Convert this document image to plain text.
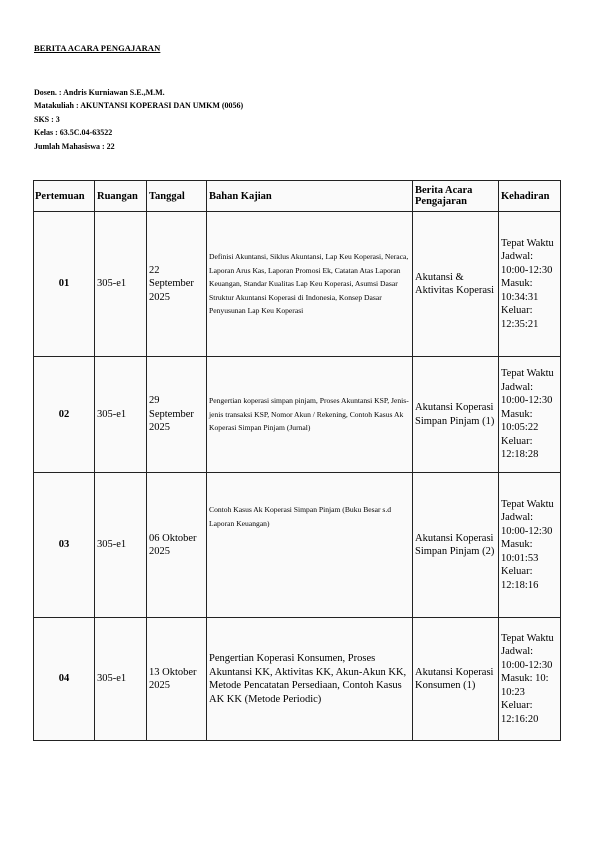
BERITA ACARA PENGAJARAN
Dosen. : Andris Kurniawan S.E.,M.M.
Matakuliah : AKUNTANSI KOPERASI DAN UMKM (0056)
SKS : 3
Kelas : 63.5C.04-63522
Jumlah Mahasiswa : 22
Pertemuan	Ruangan	Tanggal	Bahan Kajian	Berita Acara Pengajaran	Kehadiran
01	305-e1	22 September 2025	Definisi Akuntansi, Siklus Akuntansi, Lap Keu Koperasi, Neraca, Laporan Arus Kas, Laporan Promosi Ek, Catatan Atas Laporan Keuangan, Standar Kualitas Lap Keu Koperasi, Asumsi Dasar Struktur Akuntansi Koperasi di Indonesia, Konsep Dasar Penyusunan Lap Keu Koperasi	Akutansi & Aktivitas Koperasi	Tepat Waktu Jadwal: 10:00-12:30 Masuk: 10:34:31 Keluar: 12:35:21
02	305-e1	29 September 2025	Pengertian koperasi simpan pinjam, Proses Akuntansi KSP, Jenis-jenis transaksi KSP, Nomor Akun / Rekening, Contoh Kasus Ak Koperasi Simpan Pinjam (Jurnal)	Akutansi Koperasi Simpan Pinjam (1)	Tepat Waktu Jadwal: 10:00-12:30 Masuk: 10:05:22 Keluar: 12:18:28
03	305-e1	06 Oktober 2025	Contoh Kasus Ak Koperasi Simpan Pinjam (Buku Besar s.d Laporan Keuangan)	Akutansi Koperasi Simpan Pinjam (2)	Tepat Waktu Jadwal: 10:00-12:30 Masuk: 10:01:53 Keluar: 12:18:16
04	305-e1	13 Oktober 2025	Pengertian Koperasi Konsumen, Proses Akuntansi KK, Aktivitas KK, Akun-Akun KK, Metode Pencatatan Persediaan, Contoh Kasus AK KK (Metode Periodic)	Akutansi Koperasi Konsumen (1)	Tepat Waktu Jadwal: 10:00-12:30 Masuk: 10: 10:23 Keluar: 12:16:20
